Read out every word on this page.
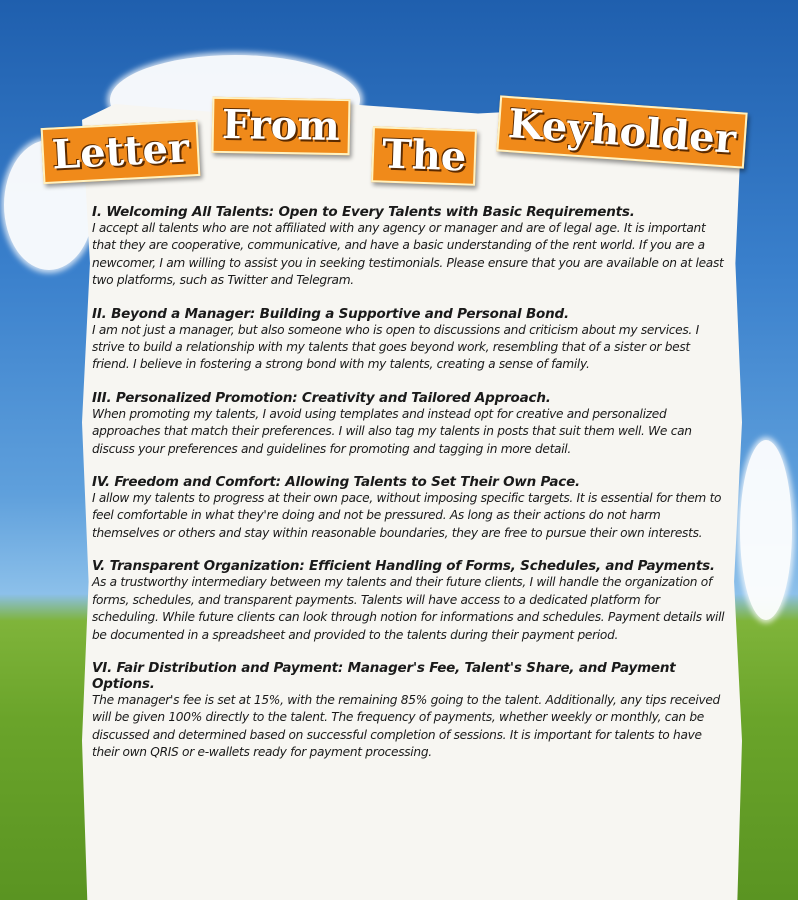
Letter From
The Keyholder
I. Welcoming All Talents: Open to Every Talents with Basic Requirements.

I accept all talents who are not affiliated with any agency or manager and are of legal age. It is important that they are cooperative, communicative, and have a basic understanding of the rent world. If you are a newcomer, I am willing to assist you in seeking testimonials. Please ensure that you are available on at least two platforms, such as Twitter and Telegram.

II. Beyond a Manager: Building a Supportive and Personal Bond.

I am not just a manager, but also someone who is open to discussions and criticism about my services. I strive to build a relationship with my talents that goes beyond work, resembling that of a sister or best friend. I believe in fostering a strong bond with my talents, creating a sense of family.

III. Personalized Promotion: Creativity and Tailored Approach.

When promoting my talents, I avoid using templates and instead opt for creative and personalized approaches that match their preferences. I will also tag my talents in posts that suit them well. We can discuss your preferences and guidelines for promoting and tagging in more detail.

IV. Freedom and Comfort: Allowing Talents to Set Their Own Pace.

I allow my talents to progress at their own pace, without imposing specific targets. It is essential for them to feel comfortable in what they're doing and not be pressured. As long as their actions do not harm themselves or others and stay within reasonable boundaries, they are free to pursue their own interests.

V. Transparent Organization: Efficient Handling of Forms, Schedules, and Payments.

As a trustworthy intermediary between my talents and their future clients, I will handle the organization of forms, schedules, and transparent payments. Talents will have access to a dedicated platform for scheduling. While future clients can look through notion for informations and schedules. Payment details will be documented in a spreadsheet and provided to the talents during their payment period.

VI. Fair Distribution and Payment: Manager's Fee, Talent's Share, and Payment Options.

The manager's fee is set at 15%, with the remaining 85% going to the talent. Additionally, any tips received will be given 100% directly to the talent. The frequency of payments, whether weekly or monthly, can be discussed and determined based on successful completion of sessions. It is important for talents to have their own QRIS or e-wallets ready for payment processing.
